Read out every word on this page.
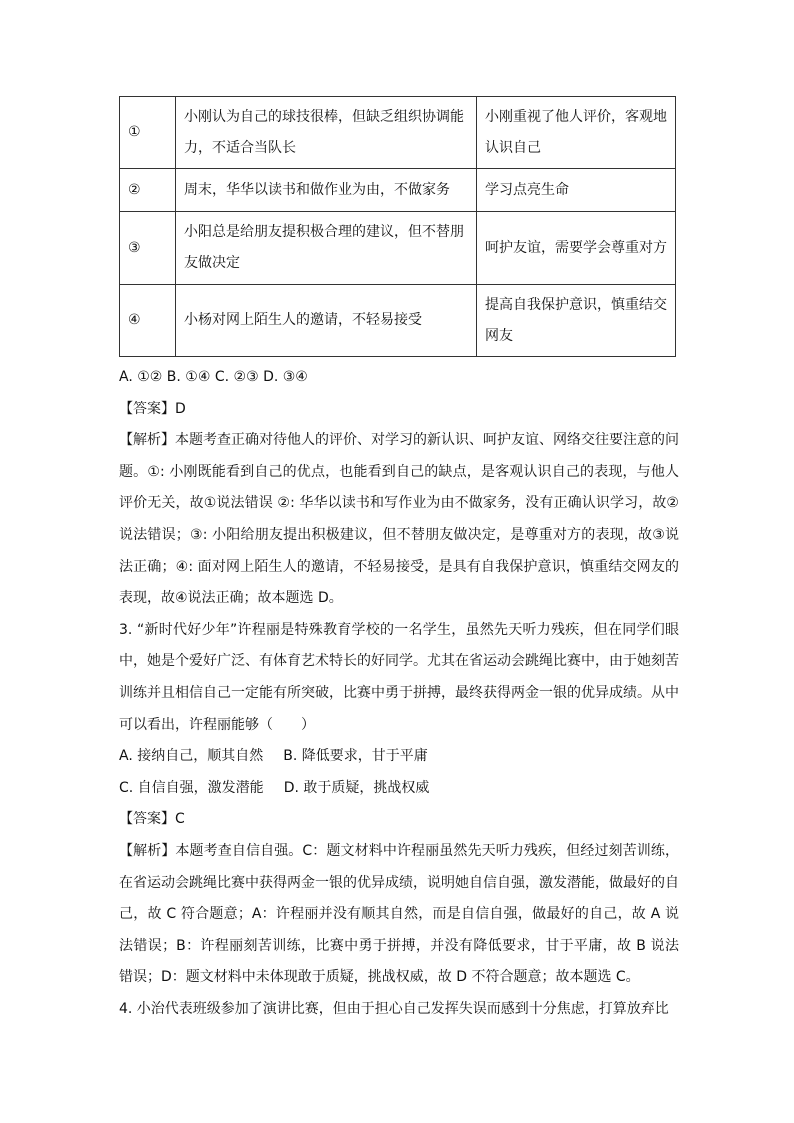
①	小刚认为自己的球技很棒，但缺乏组织协调能力，不适合当队长	小刚重视了他人评价，客观地认识自己
②	周末，华华以读书和做作业为由，不做家务	学习点亮生命
③	小阳总是给朋友提积极合理的建议，但不替朋友做决定	呵护友谊，需要学会尊重对方
④	小杨对网上陌生人的邀请，不轻易接受	提高自我保护意识，慎重结交网友

A. ①② B. ①④ C. ②③ D. ③④

【答案】D

【解析】本题考查正确对待他人的评价、对学习的新认识、呵护友谊、网络交往要注意的问题。①: 小刚既能看到自己的优点，也能看到自己的缺点，是客观认识自己的表现，与他人评价无关，故①说法错误 ②: 华华以读书和写作业为由不做家务，没有正确认识学习，故②说法错误；③: 小阳给朋友提出积极建议，但不替朋友做决定，是尊重对方的表现，故③说法正确；④: 面对网上陌生人的邀请，不轻易接受，是具有自我保护意识，慎重结交网友的表现，故④说法正确；故本题选 D。

3. “新时代好少年”许程丽是特殊教育学校的一名学生，虽然先天听力残疾，但在同学们眼中，她是个爱好广泛、有体育艺术特长的好同学。尤其在省运动会跳绳比赛中，由于她刻苦训练并且相信自己一定能有所突破，比赛中勇于拼搏，最终获得两金一银的优异成绩。从中可以看出，许程丽能够（　　）

A. 接纳自己，顺其自然 B. 降低要求，甘于平庸

C. 自信自强，激发潜能 D. 敢于质疑，挑战权威

【答案】C

【解析】本题考查自信自强。C：题文材料中许程丽虽然先天听力残疾，但经过刻苦训练，在省运动会跳绳比赛中获得两金一银的优异成绩，说明她自信自强，激发潜能，做最好的自己，故 C 符合题意；A：许程丽并没有顺其自然，而是自信自强，做最好的自己，故 A 说法错误；B：许程丽刻苦训练，比赛中勇于拼搏，并没有降低要求，甘于平庸，故 B 说法错误；D：题文材料中未体现敢于质疑，挑战权威，故 D 不符合题意；故本题选 C。

4. 小治代表班级参加了演讲比赛，但由于担心自己发挥失误而感到十分焦虑，打算放弃比
